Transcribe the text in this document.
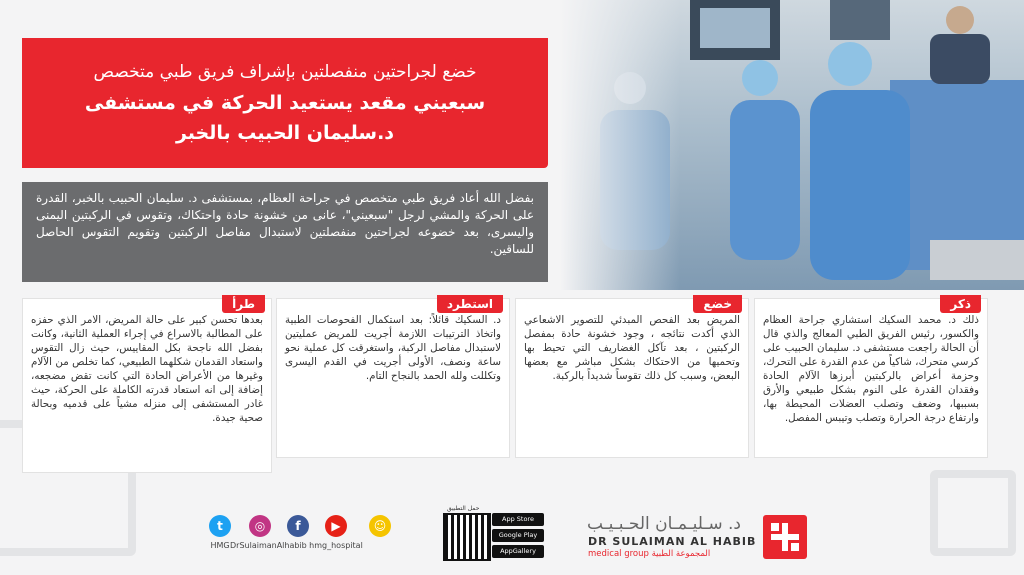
خضع لجراحتين منفصلتين بإشراف فريق طبي متخصص
سبعيني مقعد يستعيد الحركة في مستشفى
د.سليمان الحبيب بالخبر
بفضل الله أعاد فريق طبي متخصص في جراحة العظام، بمستشفى د. سليمان الحبيب بالخبر، القدرة على الحركة والمشي لرجل "سبعيني"، عانى من خشونة حادة واحتكاك، وتقوس في الركبتين اليمنى واليسرى، بعد خضوعه لجراحتين منفصلتين لاستبدال مفاصل الركبتين وتقويم التقوس الحاصل للساقين.
ذكر
ذلك د. محمد السكيك استشاري جراحة العظام والكسور، رئيس الفريق الطبي المعالج والذي قال أن الحالة راجعت مستشفى د. سليمان الحبيب على كرسي متحرك، شاكياً من عدم القدرة على التحرك، وحزمة أعراض بالركبتين أبرزها الآلام الحادة وفقدان القدرة على النوم بشكل طبيعي والأرق بسببها، وضعف وتصلب العضلات المحيطة بها، وارتفاع درجة الحرارة وتصلب وتيبس المفصل.
خضع
المريض بعد الفحص المبدئي للتصوير الاشعاعي الذي أكدت نتائجه ، وجود خشونة حادة بمفصل الركبتين ، بعد تآكل الغضاريف التي تحيط بها وتحميها من الاحتكاك بشكل مباشر مع بعضها البعض، وسبب كل ذلك تقوساً شديداً بالركبة.
استطرد
د. السكيك قائلاً: بعد استكمال الفحوصات الطبية واتخاذ الترتيبات اللازمة أجريت للمريض عمليتين لاستبدال مفاصل الركبة، واستغرقت كل عملية نحو ساعة ونصف، الأولى أجريت في القدم اليسرى وتكللت ولله الحمد بالنجاح التام.
طرأ
بعدها تحسن كبير على حالة المريض، الامر الذي حفزه على المطالبة بالاسراع في إجراء العملية الثانية، وكانت بفضل الله ناجحة بكل المقاييس، حيث زال التقوس واستعاد القدمان شكلهما الطبيعي، كما تخلص من الآلام وغيرها من الأعراض الحادة التي كانت تقض مضجعه، إضافة إلى انه استعاد قدرته الكاملة على الحركة، حيث غادر المستشفى إلى منزله مشياً على قدميه وبحالة صحية جيدة.
t
HMG
◎
DrSulaimanAlhabib
f	▶
hmg_hospital
☺
حمل التطبيق
App Store
Google Play
AppGallery
د. سـليـمـان الحـبـيـب
DR SULAIMAN AL HABIB
medical group المجموعة الطبية
